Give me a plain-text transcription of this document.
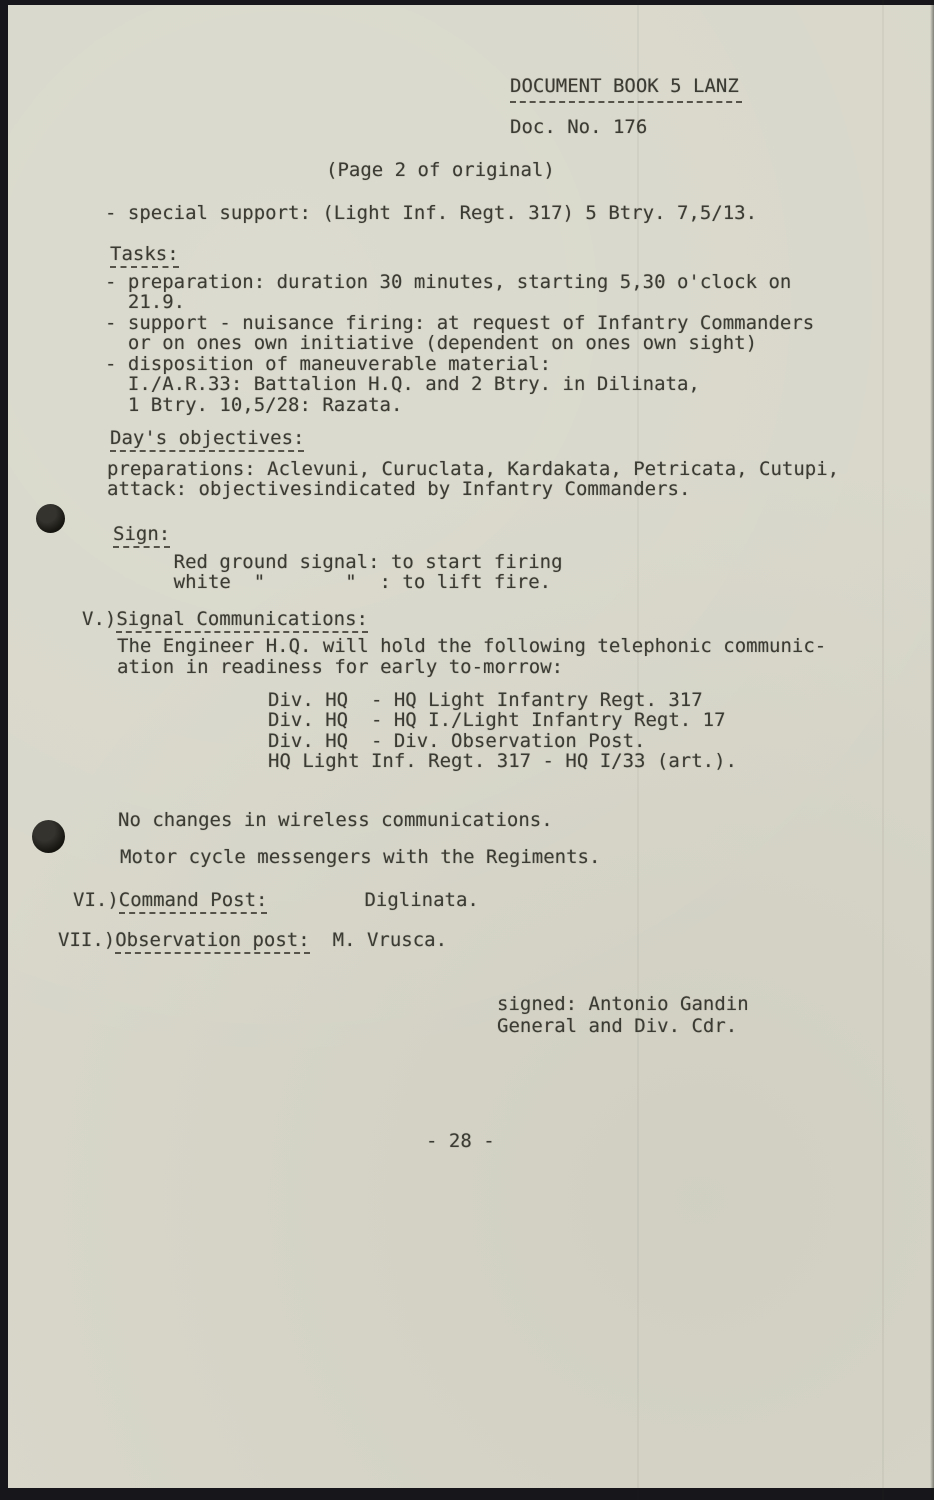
DOCUMENT BOOK 5 LANZ
Doc. No. 176
(Page 2 of original)
- special support: (Light Inf. Regt. 317) 5 Btry. 7,5/13.
Tasks:
- preparation: duration 30 minutes, starting 5,30 o'clock on
21.9.
- support - nuisance firing: at request of Infantry Commanders
or on ones own initiative (dependent on ones own sight)
- disposition of maneuverable material:
I./A.R.33: Battalion H.Q. and 2 Btry. in Dilinata,
1 Btry. 10,5/28: Razata.
Day's objectives:
preparations: Aclevuni, Curuclata, Kardakata, Petricata, Cutupi,
attack: objectivesindicated by Infantry Commanders.
Sign:
Red ground signal: to start firing
white  "       "  : to lift fire.
V.)Signal Communications:
The Engineer H.Q. will hold the following telephonic communic-
ation in readiness for early to-morrow:
Div. HQ  - HQ Light Infantry Regt. 317
Div. HQ  - HQ I./Light Infantry Regt. 17
Div. HQ  - Div. Observation Post.
HQ Light Inf. Regt. 317 - HQ I/33 (art.).
No changes in wireless communications.
Motor cycle messengers with the Regiments.
VI.)Command Post:	Diglinata.
VII.)Observation post: M. Vrusca.
signed: Antonio Gandin
General and Div. Cdr.
- 28 -
